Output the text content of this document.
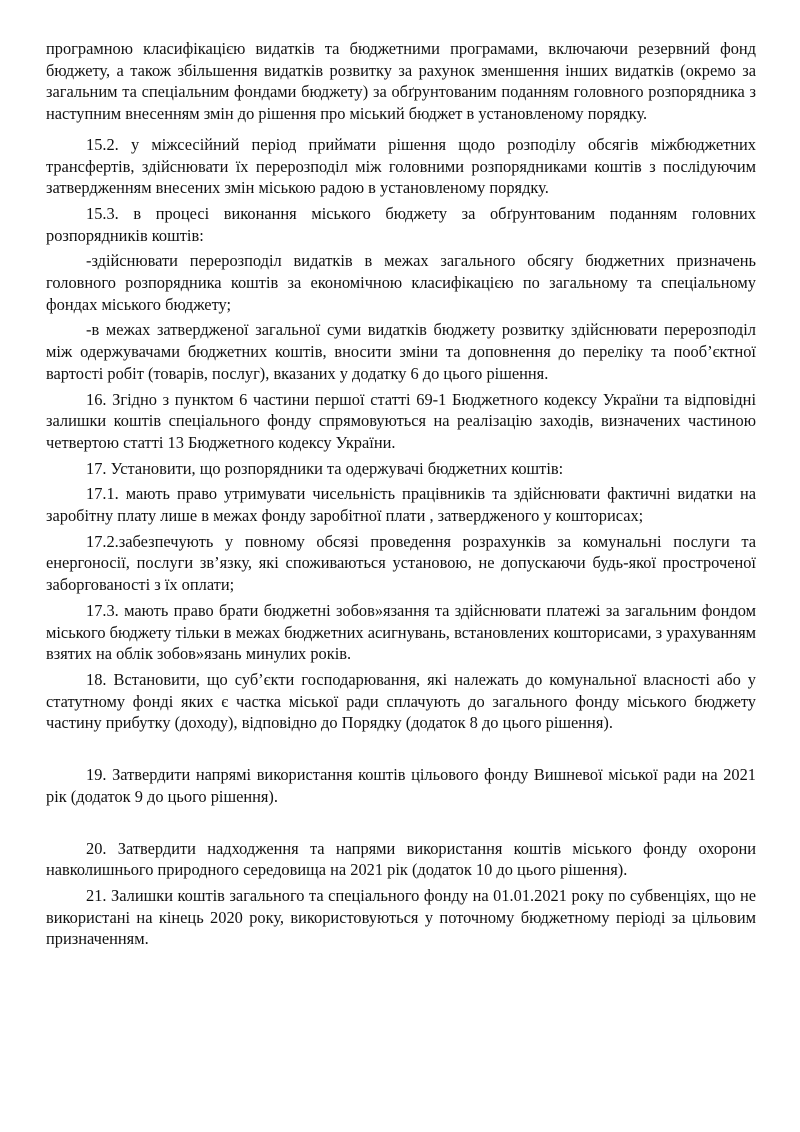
програмною класифікацією видатків та бюджетними програмами, включаючи резервний фонд бюджету, а також збільшення видатків розвитку за рахунок зменшення інших видатків (окремо за загальним та спеціальним фондами бюджету) за обґрунтованим поданням головного розпорядника з наступним внесенням змін до рішення про міський бюджет в установленому порядку.

15.2. у міжсесійний період приймати рішення щодо розподілу обсягів міжбюджетних трансфертів, здійснювати їх перерозподіл між головними розпорядниками коштів з послідуючим затвердженням внесених змін міською радою в установленому порядку.

15.3. в процесі виконання міського бюджету за обґрунтованим поданням головних розпорядників коштів:

-здійснювати перерозподіл видатків в межах загального обсягу бюджетних призначень головного розпорядника коштів за економічною класифікацією по загальному та спеціальному фондах міського бюджету;

-в межах затвердженої загальної суми видатків бюджету розвитку здійснювати перерозподіл між одержувачами бюджетних коштів, вносити зміни та доповнення до переліку та пооб’єктної вартості робіт (товарів, послуг), вказаних у додатку 6 до цього рішення.

16. Згідно з пунктом 6 частини першої статті 69-1 Бюджетного кодексу України та відповідні залишки коштів спеціального фонду спрямовуються на реалізацію заходів, визначених частиною четвертою статті 13 Бюджетного кодексу України.

17. Установити, що розпорядники та одержувачі бюджетних коштів:

17.1. мають право утримувати чисельність працівників та здійснювати фактичні видатки на заробітну плату лише в межах фонду заробітної плати , затвердженого у кошторисах;

17.2.забезпечують у повному обсязі проведення розрахунків за комунальні послуги та енергоносії, послуги зв’язку, які споживаються установою, не допускаючи будь-якої простроченої заборгованості з їх оплати;

17.3. мають право брати бюджетні зобов»язання та здійснювати платежі за загальним фондом міського бюджету тільки в межах бюджетних асигнувань, встановлених кошторисами, з урахуванням взятих на облік зобов»язань минулих років.

18. Встановити, що суб’єкти господарювання, які належать до комунальної власності або у статутному фонді яких є частка міської ради сплачують до загального фонду міського бюджету частину прибутку (доходу), відповідно до Порядку (додаток 8 до цього рішення).

19. Затвердити напрямі використання коштів цільового фонду Вишневої міської ради на 2021 рік (додаток 9 до цього рішення).

20. Затвердити надходження та напрями використання коштів міського фонду охорони навколишнього природного середовища на 2021 рік (додаток 10 до цього рішення).

21. Залишки коштів загального та спеціального фонду на 01.01.2021 року по субвенціях, що не використані на кінець 2020 року, використовуються у поточному бюджетному періоді за цільовим призначенням.
